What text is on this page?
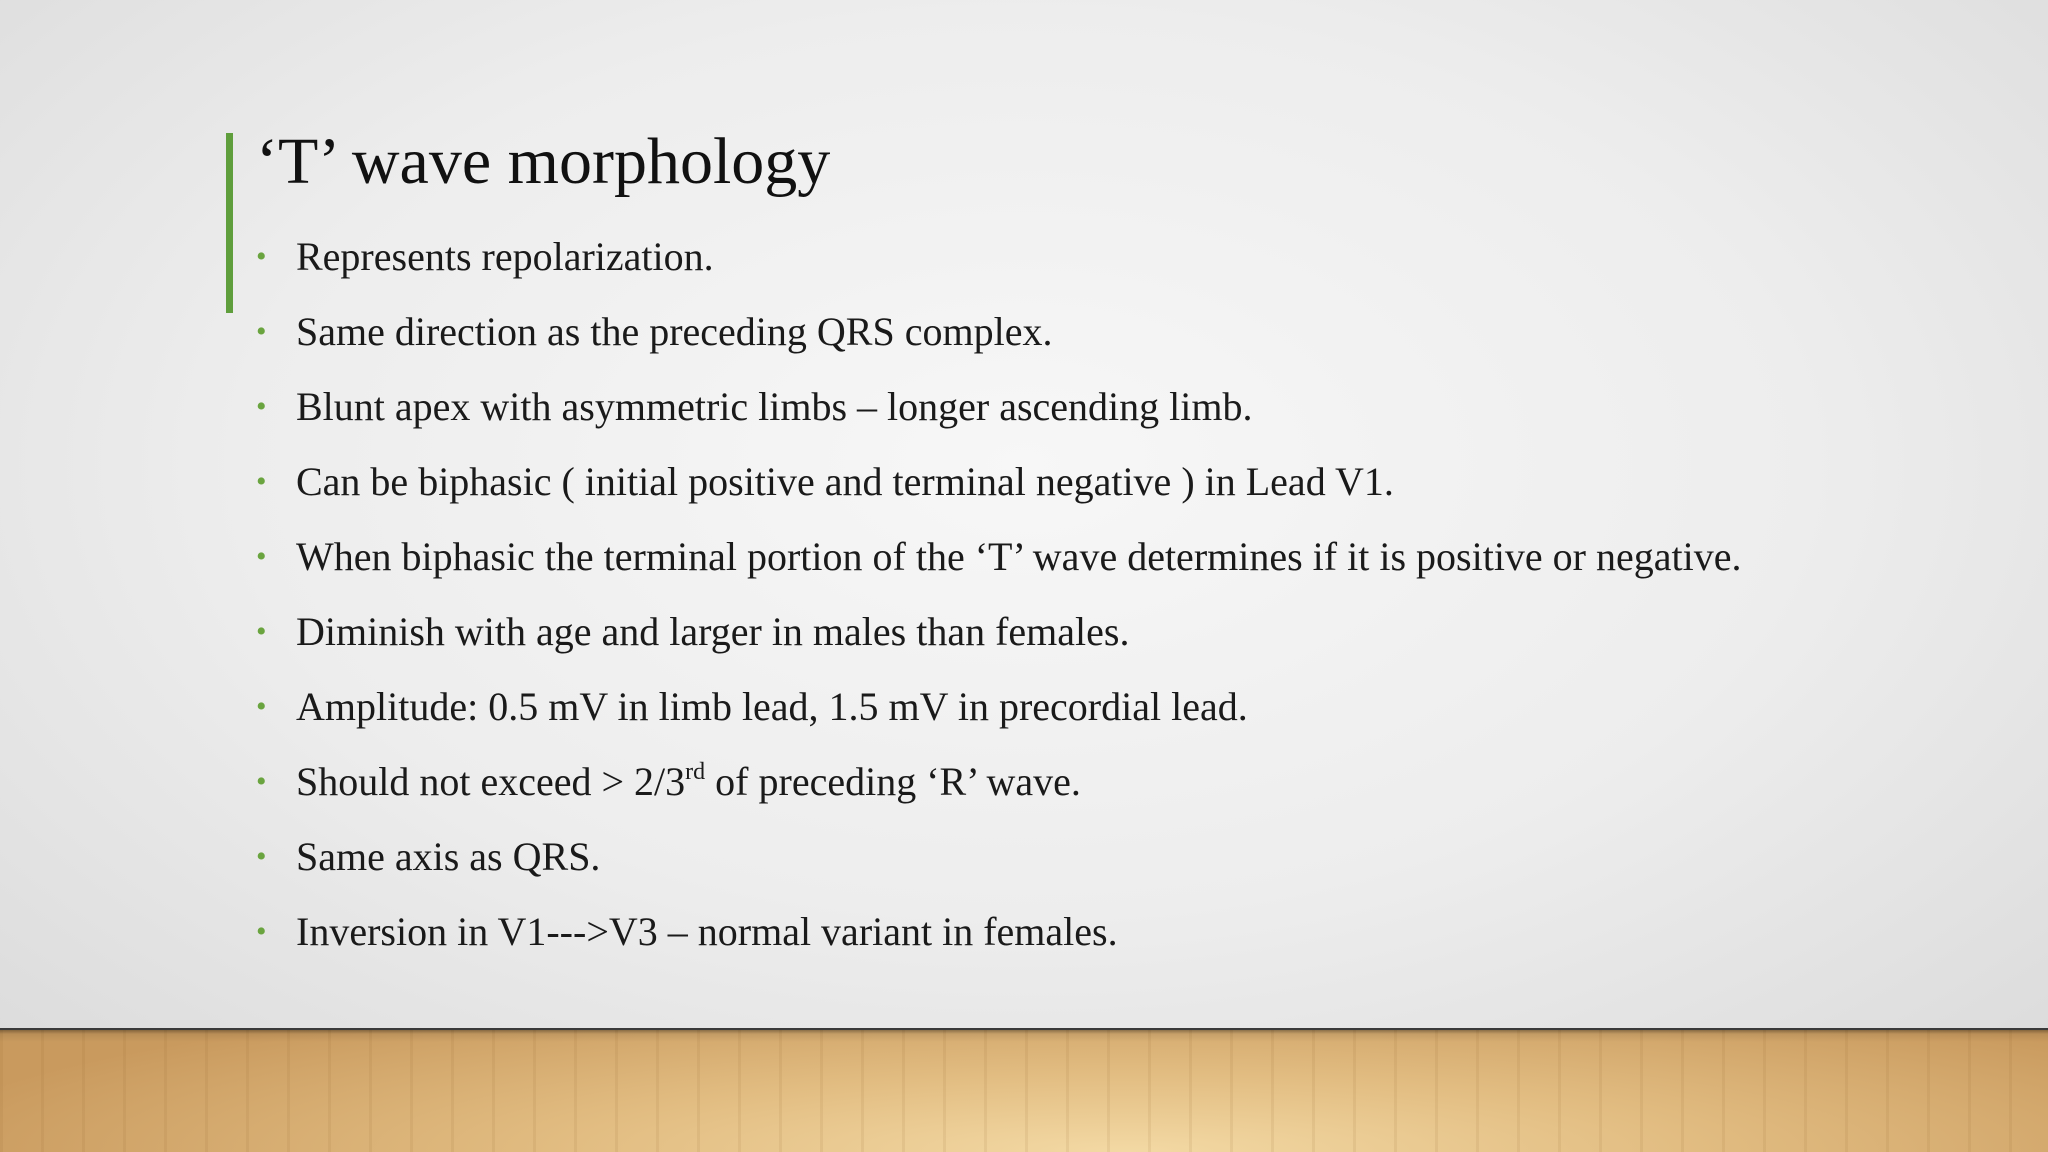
‘T’ wave morphology
• Represents repolarization.
• Same direction as the preceding QRS complex.
• Blunt apex with asymmetric limbs – longer ascending limb.
• Can be biphasic ( initial positive and terminal negative ) in Lead V1.
• When biphasic the terminal portion of the ‘T’ wave determines if it is positive or negative.
• Diminish with age and larger in males than females.
• Amplitude: 0.5 mV in limb lead, 1.5 mV in precordial lead.
• Should not exceed > 2/3rd of preceding ‘R’ wave.
• Same axis as QRS.
• Inversion in V1--->V3 – normal variant in females.
